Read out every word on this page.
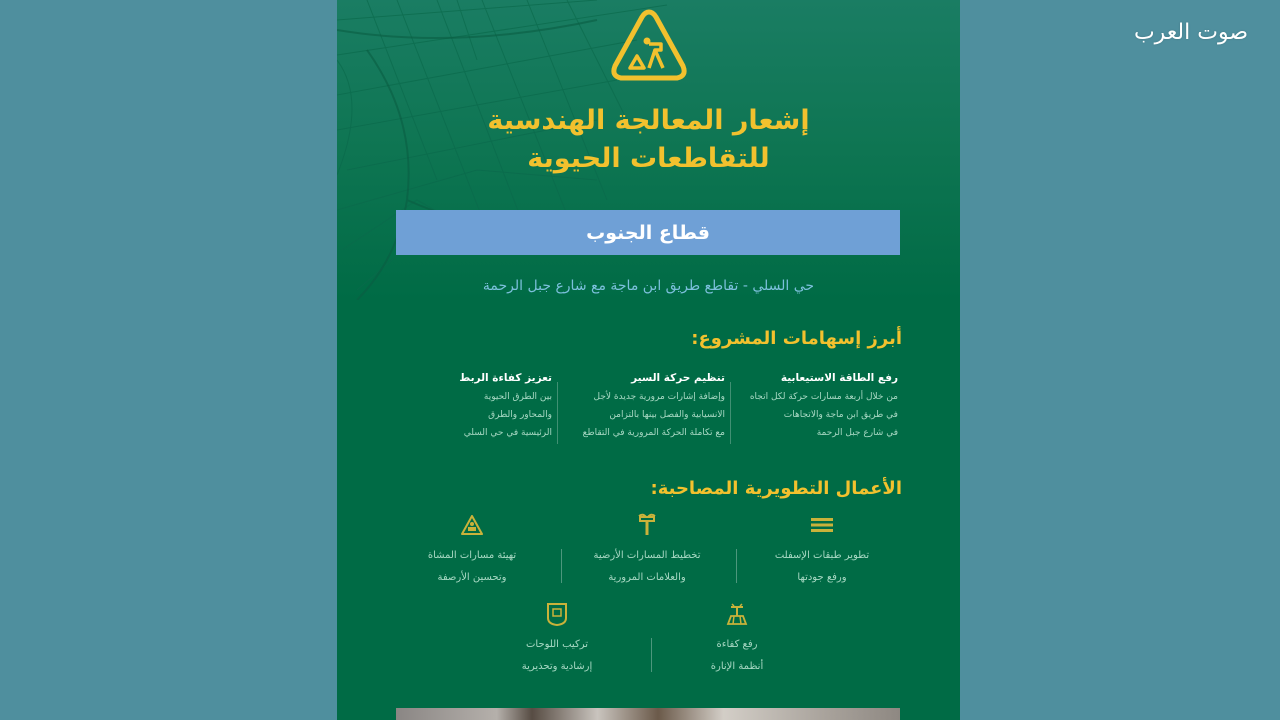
صوت العرب
إشعار المعالجة الهندسية
للتقاطعات الحيوية
قطاع الجنوب
حي السلي - تقاطع طريق ابن ماجة مع شارع جبل الرحمة
أبرز إسهامات المشروع:
رفع الطاقة الاستيعابية
من خلال أربعة مسارات حركة لكل اتجاه
في طريق ابن ماجة والاتجاهات
في شارع جبل الرحمة
تنظيم حركة السير
وإضافة إشارات مرورية جديدة لأجل
الانسيابية والفصل بينها بالتزامن
مع تكاملة الحركة المرورية في التقاطع
تعزيز كفاءة الربط
بين الطرق الحيوية
والمحاور والطرق
الرئيسية في حي السلي
الأعمال التطويرية المصاحبة:
تطوير طبقات الإسفلت
ورفع جودتها
تخطيط المسارات الأرضية
والعلامات المرورية
تهيئة مسارات المشاة
وتحسين الأرصفة
رفع كفاءة
أنظمة الإنارة
تركيب اللوحات
إرشادية وتحذيرية
